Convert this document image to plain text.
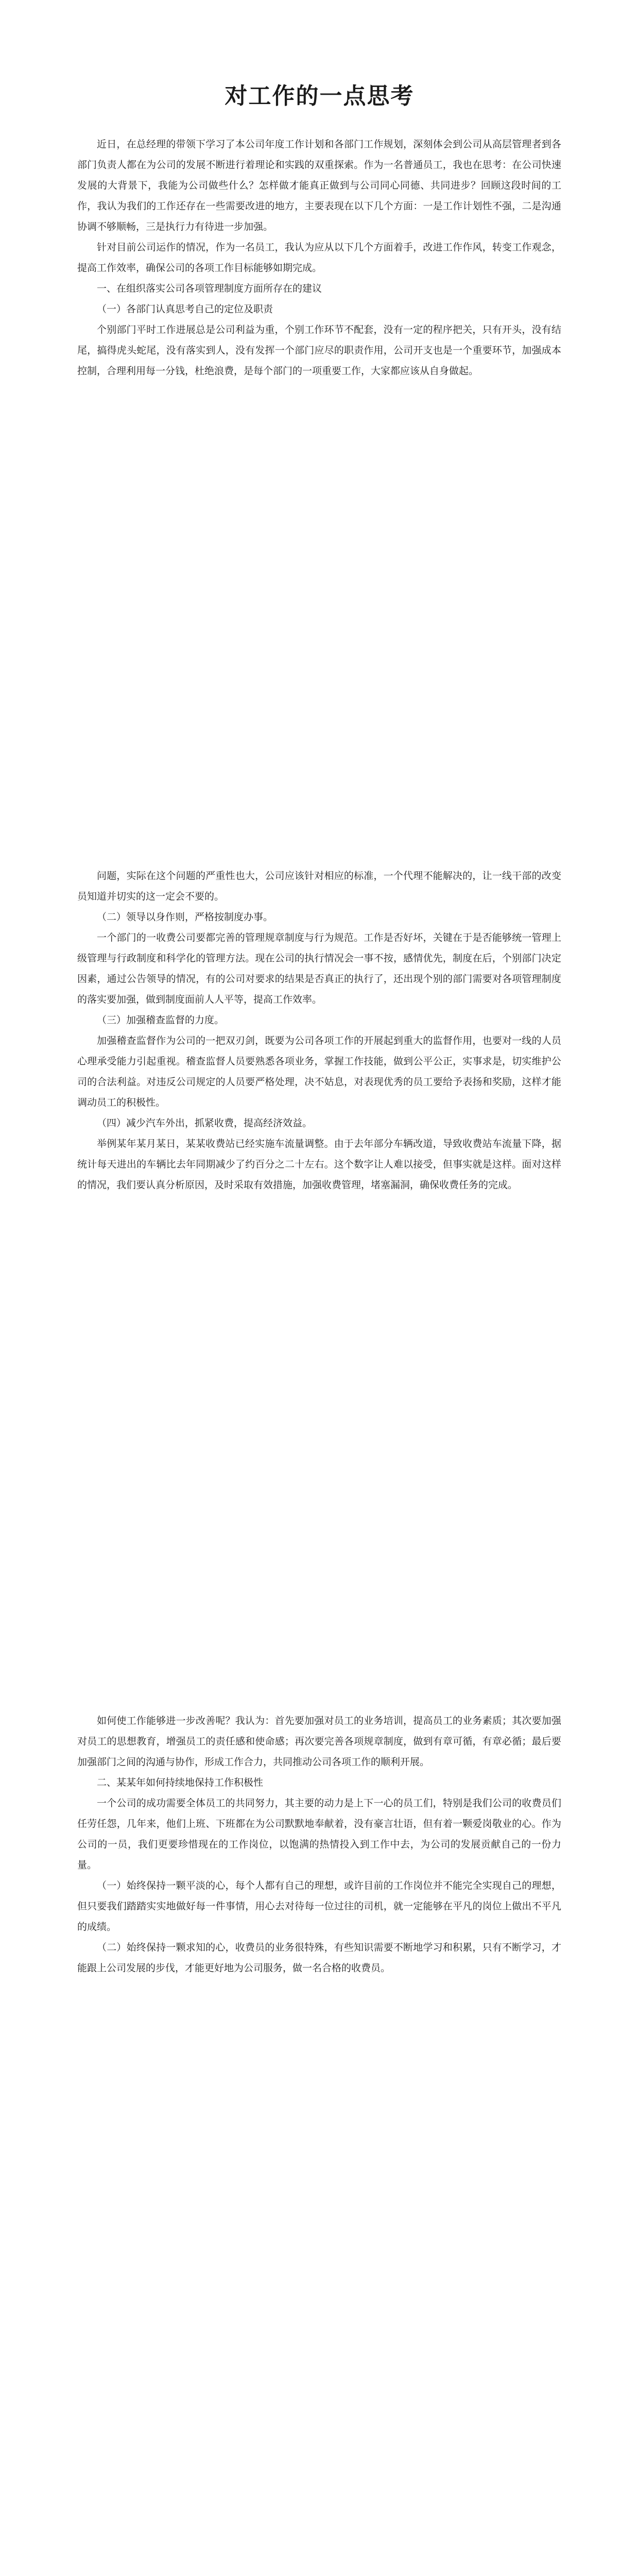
对工作的一点思考

近日，在总经理的带领下学习了本公司年度工作计划和各部门工作规划，深刻体会到公司从高层管理者到各部门负责人都在为公司的发展不断进行着理论和实践的双重探索。作为一名普通员工，我也在思考：在公司快速发展的大背景下，我能为公司做些什么？怎样做才能真正做到与公司同心同德、共同进步？回顾这段时间的工作，我认为我们的工作还存在一些需要改进的地方，主要表现在以下几个方面：一是工作计划性不强，二是沟通协调不够顺畅，三是执行力有待进一步加强。

针对目前公司运作的情况，作为一名员工，我认为应从以下几个方面着手，改进工作作风，转变工作观念，提高工作效率，确保公司的各项工作目标能够如期完成。

一、在组织落实公司各项管理制度方面所存在的建议

（一）各部门认真思考自己的定位及职责

个别部门平时工作进展总是公司利益为重，个别工作环节不配套，没有一定的程序把关，只有开头，没有结尾，搞得虎头蛇尾，没有落实到人，没有发挥一个部门应尽的职责作用，公司开支也是一个重要环节，加强成本控制，合理利用每一分钱，杜绝浪费，是每个部门的一项重要工作，大家都应该从自身做起。

问题，实际在这个问题的严重性也大，公司应该针对相应的标准，一个代理不能解决的，让一线干部的改变员知道并切实的这一定会不要的。

（二）领导以身作则，严格按制度办事。

一个部门的一收费公司要都完善的管理规章制度与行为规范。工作是否好坏，关键在于是否能够统一管理上级管理与行政制度和科学化的管理方法。现在公司的执行情况会一事不按，感情优先，制度在后，个别部门决定因素，通过公告领导的情况，有的公司对要求的结果是否真正的执行了，还出现个别的部门需要对各项管理制度的落实要加强，做到制度面前人人平等，提高工作效率。

（三）加强稽查监督的力度。

加强稽查监督作为公司的一把双刃剑，既要为公司各项工作的开展起到重大的监督作用，也要对一线的人员心理承受能力引起重视。稽查监督人员要熟悉各项业务，掌握工作技能，做到公平公正，实事求是，切实维护公司的合法利益。对违反公司规定的人员要严格处理，决不姑息，对表现优秀的员工要给予表扬和奖励，这样才能调动员工的积极性。

（四）减少汽车外出，抓紧收费，提高经济效益。

举例某年某月某日，某某收费站已经实施车流量调整。由于去年部分车辆改道，导致收费站车流量下降，据统计每天进出的车辆比去年同期减少了约百分之二十左右。这个数字让人难以接受，但事实就是这样。面对这样的情况，我们要认真分析原因，及时采取有效措施，加强收费管理，堵塞漏洞，确保收费任务的完成。

如何使工作能够进一步改善呢？我认为：首先要加强对员工的业务培训，提高员工的业务素质；其次要加强对员工的思想教育，增强员工的责任感和使命感；再次要完善各项规章制度，做到有章可循，有章必循；最后要加强部门之间的沟通与协作，形成工作合力，共同推动公司各项工作的顺利开展。

二、某某年如何持续地保持工作积极性

一个公司的成功需要全体员工的共同努力，其主要的动力是上下一心的员工们，特别是我们公司的收费员们任劳任怨，几年来，他们上班、下班都在为公司默默地奉献着，没有豪言壮语，但有着一颗爱岗敬业的心。作为公司的一员，我们更要珍惜现在的工作岗位，以饱满的热情投入到工作中去，为公司的发展贡献自己的一份力量。

（一）始终保持一颗平淡的心，每个人都有自己的理想，或许目前的工作岗位并不能完全实现自己的理想，但只要我们踏踏实实地做好每一件事情，用心去对待每一位过往的司机，就一定能够在平凡的岗位上做出不平凡的成绩。

（二）始终保持一颗求知的心，收费员的业务很特殊，有些知识需要不断地学习和积累，只有不断学习，才能跟上公司发展的步伐，才能更好地为公司服务，做一名合格的收费员。
